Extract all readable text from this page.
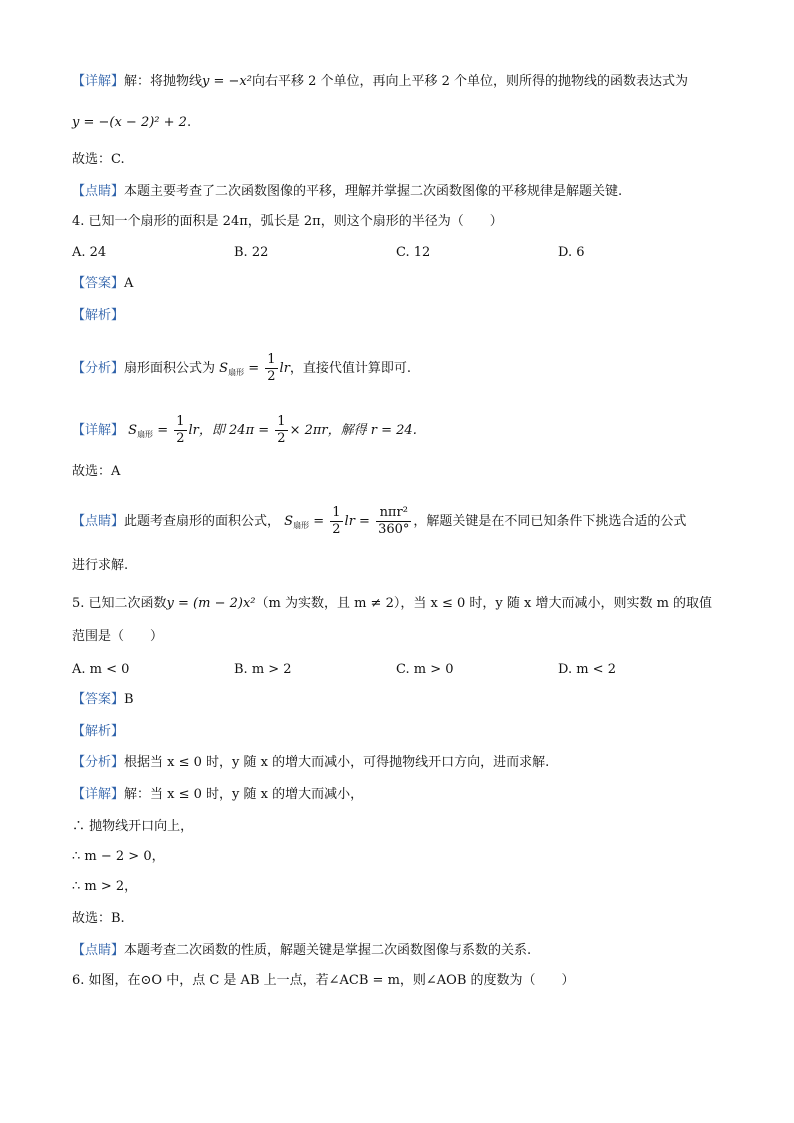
【详解】解：将抛物线y = −x²向右平移 2 个单位，再向上平移 2 个单位，则所得的抛物线的函数表达式为
y = −(x − 2)² + 2.
故选：C.
【点睛】本题主要考查了二次函数图像的平移，理解并掌握二次函数图像的平移规律是解题关键.
4. 已知一个扇形的面积是 24π，弧长是 2π，则这个扇形的半径为（　　）
A. 24	B. 22	C. 12	D. 6
【答案】A
【解析】
【分析】扇形面积公式为 $S_{扇形} = \frac{1}{2}$ lr，直接代值计算即可.
【详解】 $S_{扇形} = \frac{1}{2}$ lr，即 $24\pi = \frac{1}{2} \times 2\pi r$，解得 r = 24.
故选：A
【点睛】此题考查扇形的面积公式， $S_{扇形} = \frac{1}{2}$ lr = $\frac{\text{nπr²}}{360^\circ}$ ，解题关键是在不同已知条件下挑选合适的公式
进行求解.
5. 已知二次函数y = (m − 2)x²（m 为实数，且 m ≠ 2），当 x ≤ 0 时，y 随 x 增大而减小，则实数 m 的取值
范围是（　　）
A. m < 0	B. m > 2	C. m > 0	D. m < 2
【答案】B
【解析】
【分析】根据当 x ≤ 0 时，y 随 x 的增大而减小，可得抛物线开口方向，进而求解.
【详解】解：当 x ≤ 0 时，y 随 x 的增大而减小，
∴ 抛物线开口向上，
∴ m − 2 > 0，
∴ m > 2，
故选：B.
【点睛】本题考查二次函数的性质，解题关键是掌握二次函数图像与系数的关系.
6. 如图，在⊙O 中，点 C 是 AB 上一点，若∠ACB = m，则∠AOB 的度数为（　　）
